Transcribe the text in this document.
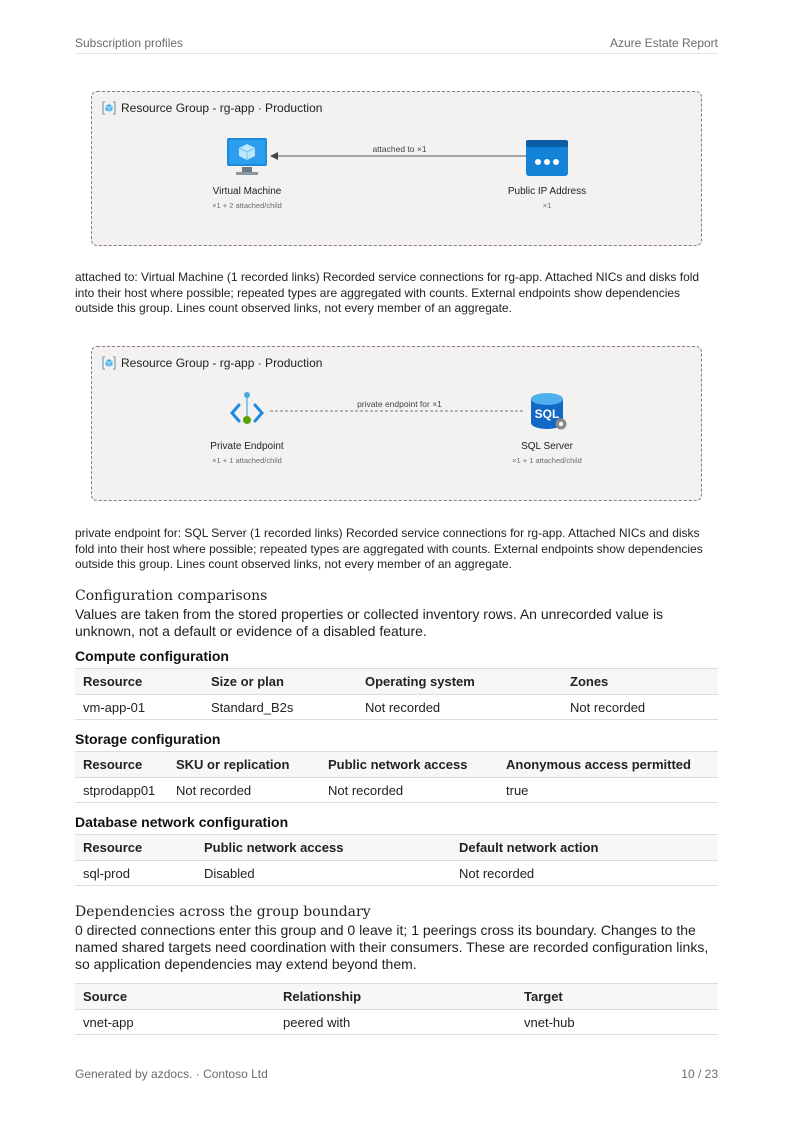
Subscription profiles	Azure Estate Report
Resource Group - rg-app · Production
attached to ×1
Virtual Machine
×1 + 2 attached/child
Public IP Address
×1
attached to: Virtual Machine (1 recorded links) Recorded service connections for rg-app. Attached NICs and disks fold into their host where possible; repeated types are aggregated with counts. External endpoints show dependencies outside this group. Lines count observed links, not every member of an aggregate.
Resource Group - rg-app · Production
private endpoint for ×1
Private Endpoint
×1 + 1 attached/child
SQL
SQL Server
×1 + 1 attached/child
private endpoint for: SQL Server (1 recorded links) Recorded service connections for rg-app. Attached NICs and disks fold into their host where possible; repeated types are aggregated with counts. External endpoints show dependencies outside this group. Lines count observed links, not every member of an aggregate.
Configuration comparisons
Values are taken from the stored properties or collected inventory rows. An unrecorded value is unknown, not a default or evidence of a disabled feature.
Compute configuration
Resource	Size or plan	Operating system	Zones
vm-app-01	Standard_B2s	Not recorded	Not recorded
Storage configuration
Resource	SKU or replication	Public network access	Anonymous access permitted
stprodapp01	Not recorded	Not recorded	true
Database network configuration
Resource	Public network access	Default network action
sql-prod	Disabled	Not recorded
Dependencies across the group boundary
0 directed connections enter this group and 0 leave it; 1 peerings cross its boundary. Changes to the named shared targets need coordination with their consumers. These are recorded configuration links, so application dependencies may extend beyond them.
Source	Relationship	Target
vnet-app	peered with	vnet-hub
Generated by azdocs. · Contoso Ltd	10 / 23
